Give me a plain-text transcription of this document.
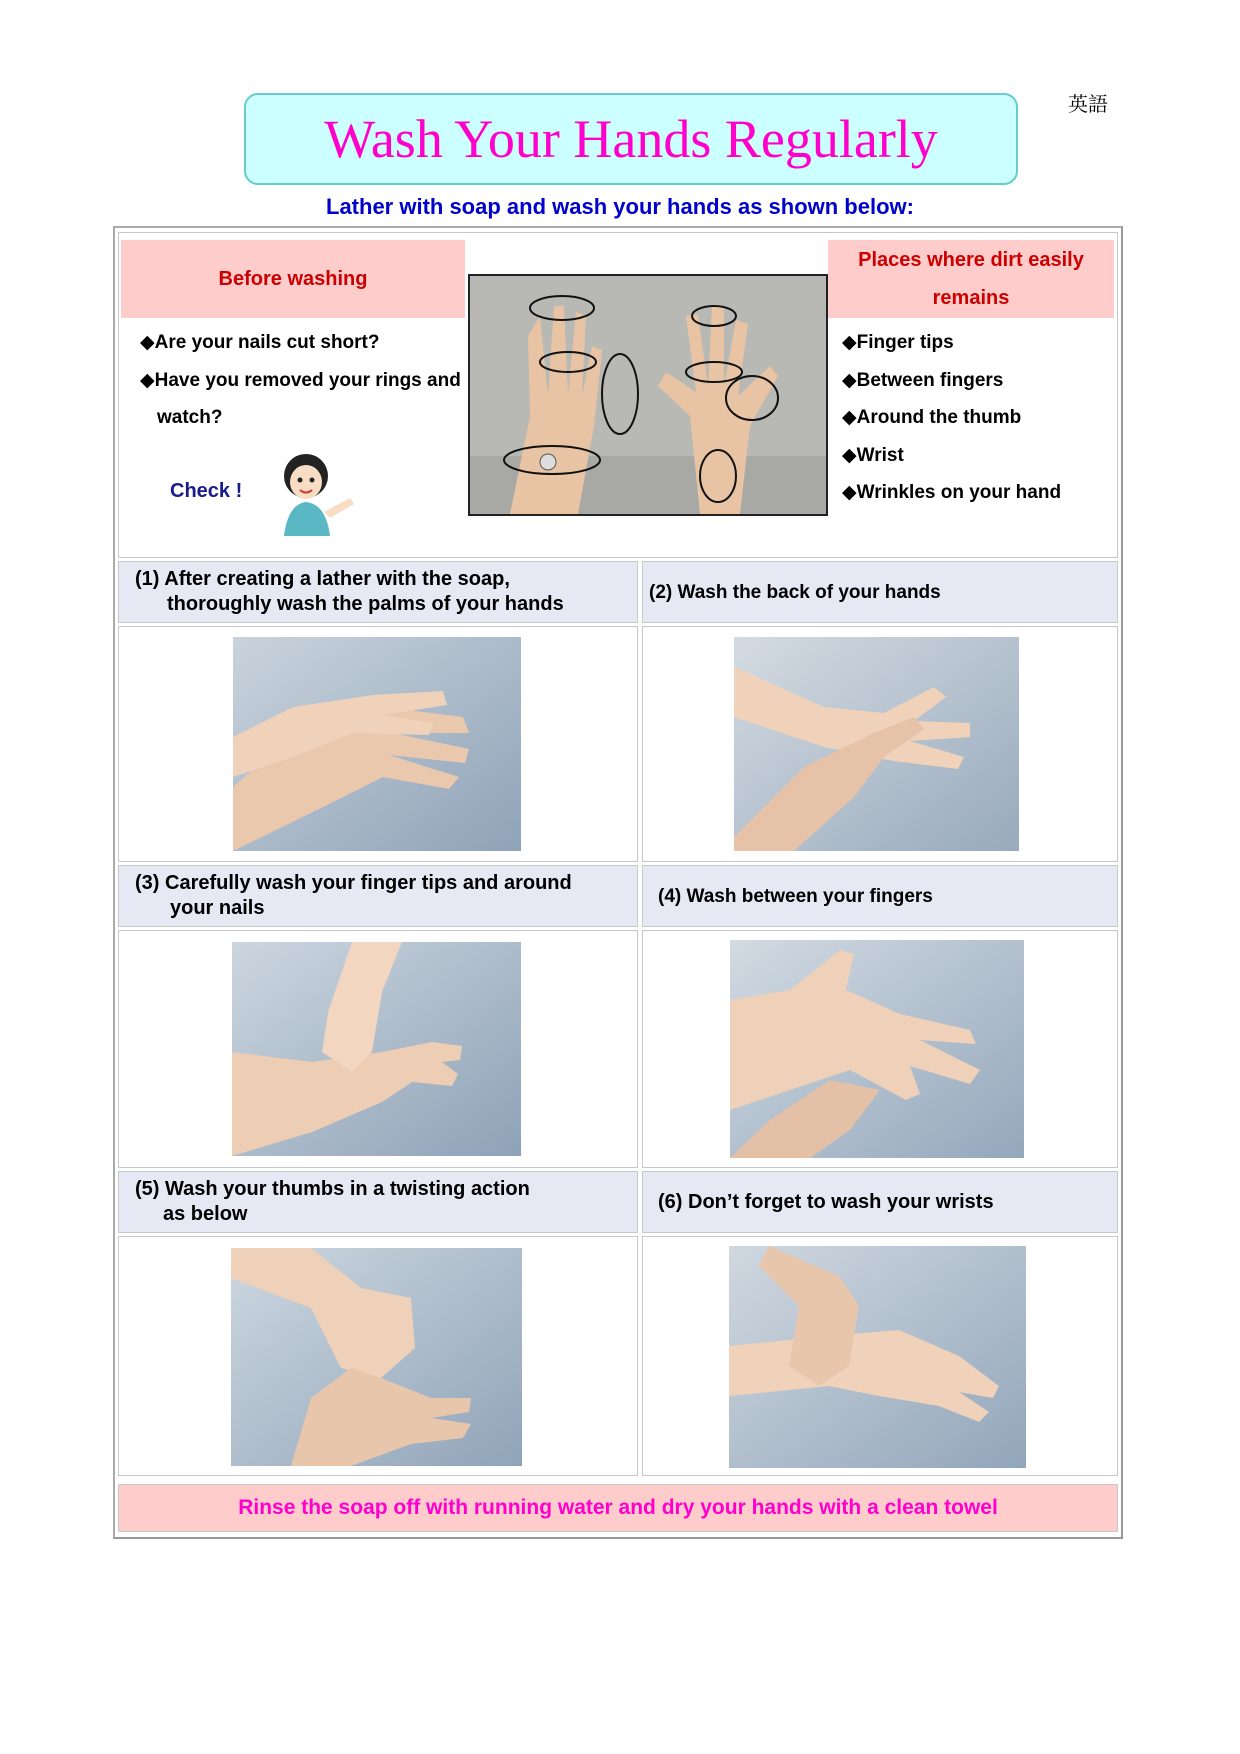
英語
Wash Your Hands Regularly
Lather with soap and wash your hands as shown below:
Before washing
◆Are your nails cut short?
◆Have you removed your rings and
watch?
Check !
Places where dirt easily
remains
◆Finger tips
◆Between fingers
◆Around the thumb
◆Wrist
◆Wrinkles on your hand
(1) After creating a lather with the soap,
thoroughly wash the palms of your hands
(2) Wash the back of your hands
(3) Carefully wash your finger tips and around
your nails
(4) Wash between your fingers
(5) Wash your thumbs in a twisting action
as below
(6) Don’t forget to wash your wrists
Rinse the soap off with running water and dry your hands with a clean towel
